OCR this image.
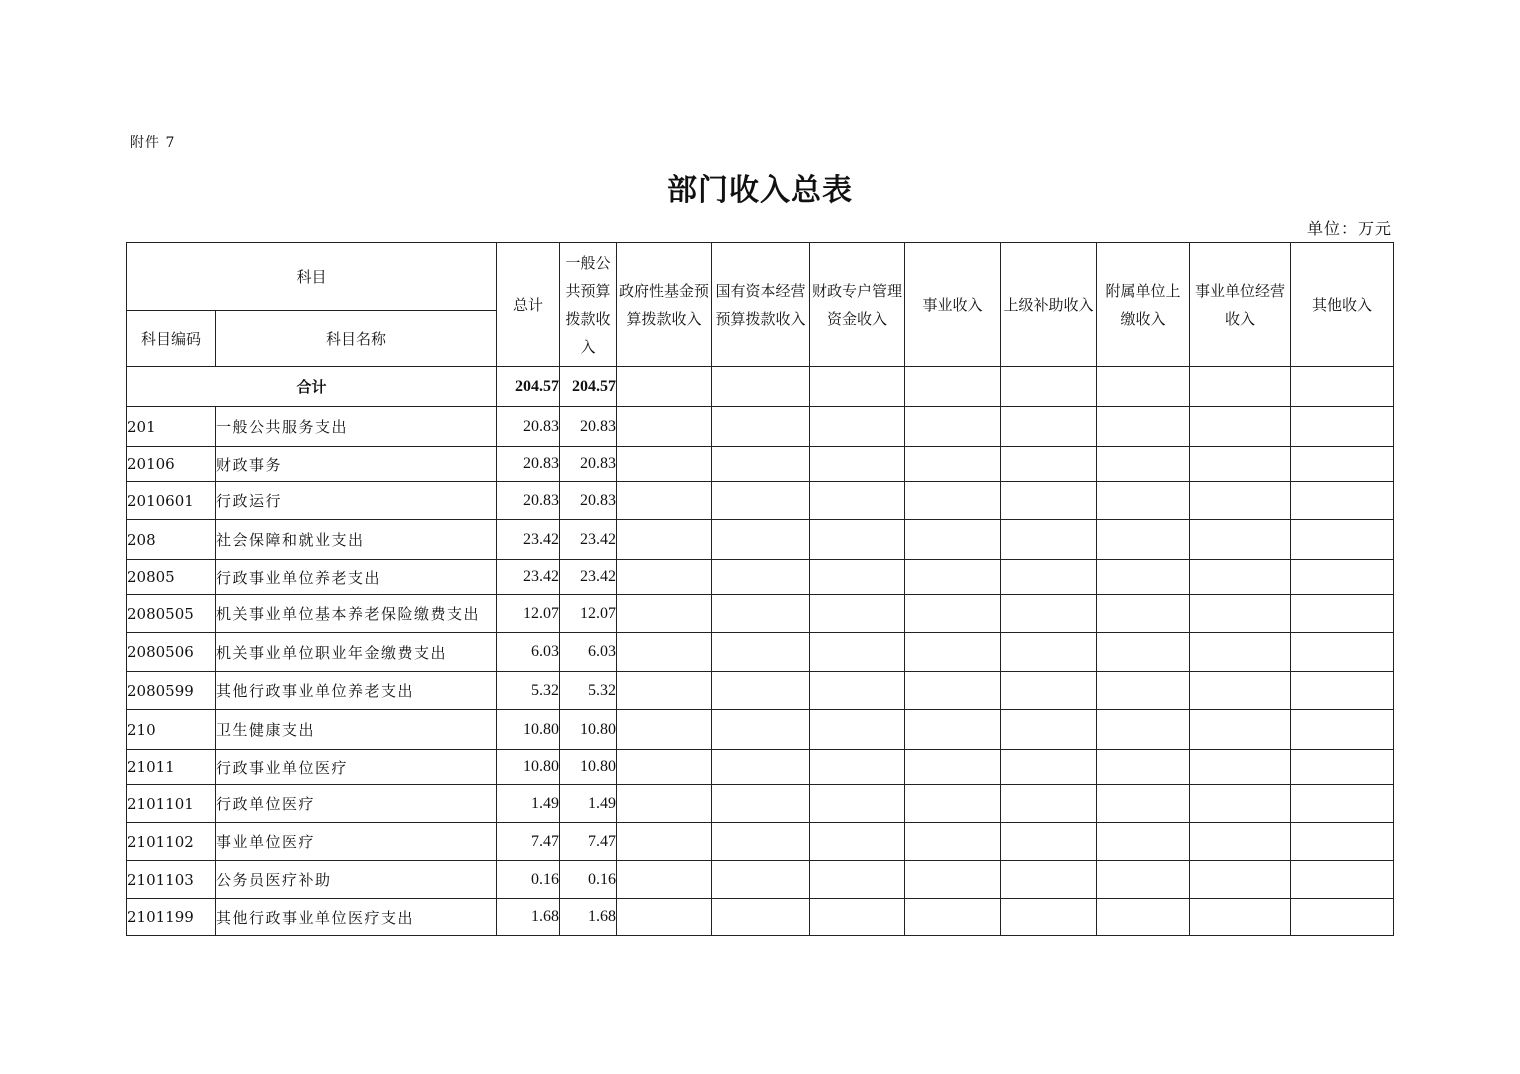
附件 7
部门收入总表
单位：万元
科目		总计	一般公共预算拨款收入	政府性基金预算拨款收入	国有资本经营预算拨款收入	财政专户管理资金收入	事业收入	上级补助收入	附属单位上缴收入	事业单位经营收入	其他收入

科目编码	科目名称										
合计		204.57	204.57								
201	一般公共服务支出	20.83	20.83								
20106	财政事务	20.83	20.83								
2010601	行政运行	20.83	20.83								
208	社会保障和就业支出	23.42	23.42								
20805	行政事业单位养老支出	23.42	23.42								
2080505	机关事业单位基本养老保险缴费支出	12.07	12.07								
2080506	机关事业单位职业年金缴费支出	6.03	6.03								
2080599	其他行政事业单位养老支出	5.32	5.32								
210	卫生健康支出	10.80	10.80								
21011	行政事业单位医疗	10.80	10.80								
2101101	行政单位医疗	1.49	1.49								
2101102	事业单位医疗	7.47	7.47								
2101103	公务员医疗补助	0.16	0.16								
2101199	其他行政事业单位医疗支出	1.68	1.68								
